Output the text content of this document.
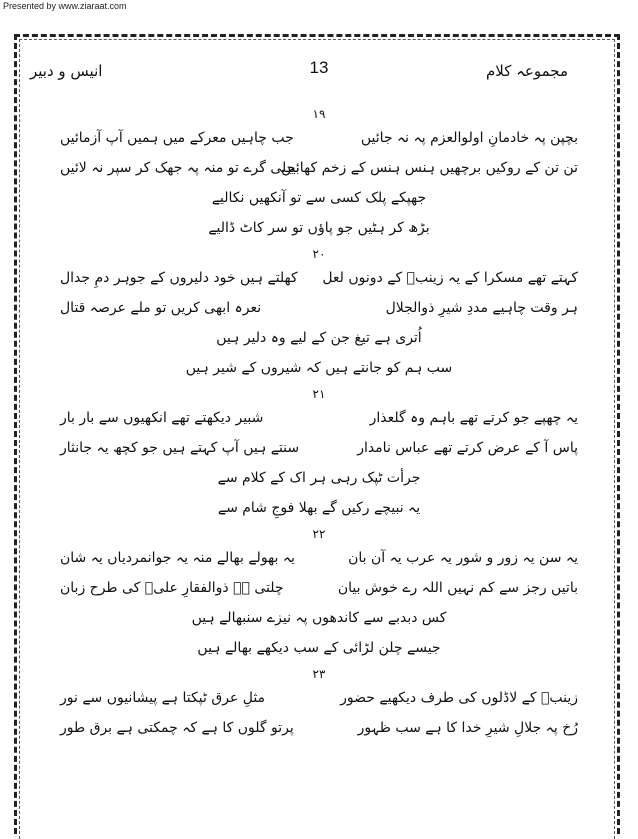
Presented by www.ziaraat.com
مجموعہ کلام
13
انیس و دبیر
۱۹
بچپن پہ خادمانِ اولوالعزم پہ نہ جائیں
جب چاہیں معرکے میں ہمیں آپ آزمائیں
تن تن کے روکیں برچھیں ہنس ہنس کے زخم کھائیں
بجلی گرے تو منہ پہ جھک کر سپر نہ لائیں
جھپکے پلک کسی سے تو آنکھیں نکالیے
بڑھ کر ہٹیں جو پاؤں تو سر کاٹ ڈالیے
۲۰
کہتے تھے مسکرا کے یہ زینبؑ کے دونوں لعل
کھلتے ہیں خود دلیروں کے جوہر دمِ جدال
ہر وقت چاہیے مددِ شیرِ ذوالجلال
نعرہ ابھی کریں تو ملے عرصہ قتال
اُتری ہے تیغ جن کے لیے وہ دلیر ہیں
سب ہم کو جانتے ہیں کہ شیروں کے شیر ہیں
۲۱
یہ چھپے جو کرتے تھے باہم وہ گلعذار
شبیر دیکھتے تھے انکھیوں سے بار بار
پاس آ کے عرض کرتے تھے عباس نامدار
سنتے ہیں آپ کہتے ہیں جو کچھ یہ جانثار
جرأت ٹپک رہی ہر اک کے کلام سے
یہ نبیچے رکیں گے بھلا فوجِ شام سے
۲۲
یہ سن یہ زور و شور یہ عرب یہ آن بان
یہ بھولے بھالے منہ یہ جوانمردیاں یہ شان
باتیں رجز سے کم نہیں اللہ رے خوش بیان
چلتی ہے ذوالفقارِ علیؑ کی طرح زبان
کس دبدبے سے کاندھوں پہ نیزے سنبھالے ہیں
جیسے چلن لڑائی کے سب دیکھے بھالے ہیں
۲۳
زینبؑ کے لاڈلوں کی طرف دیکھیے حضور
مثلِ عرق ٹپکتا ہے پیشانیوں سے نور
رُخ پہ جلالِ شیرِ خدا کا ہے سب ظہور
پرتو گلوں کا ہے کہ چمکتی ہے برق طور
